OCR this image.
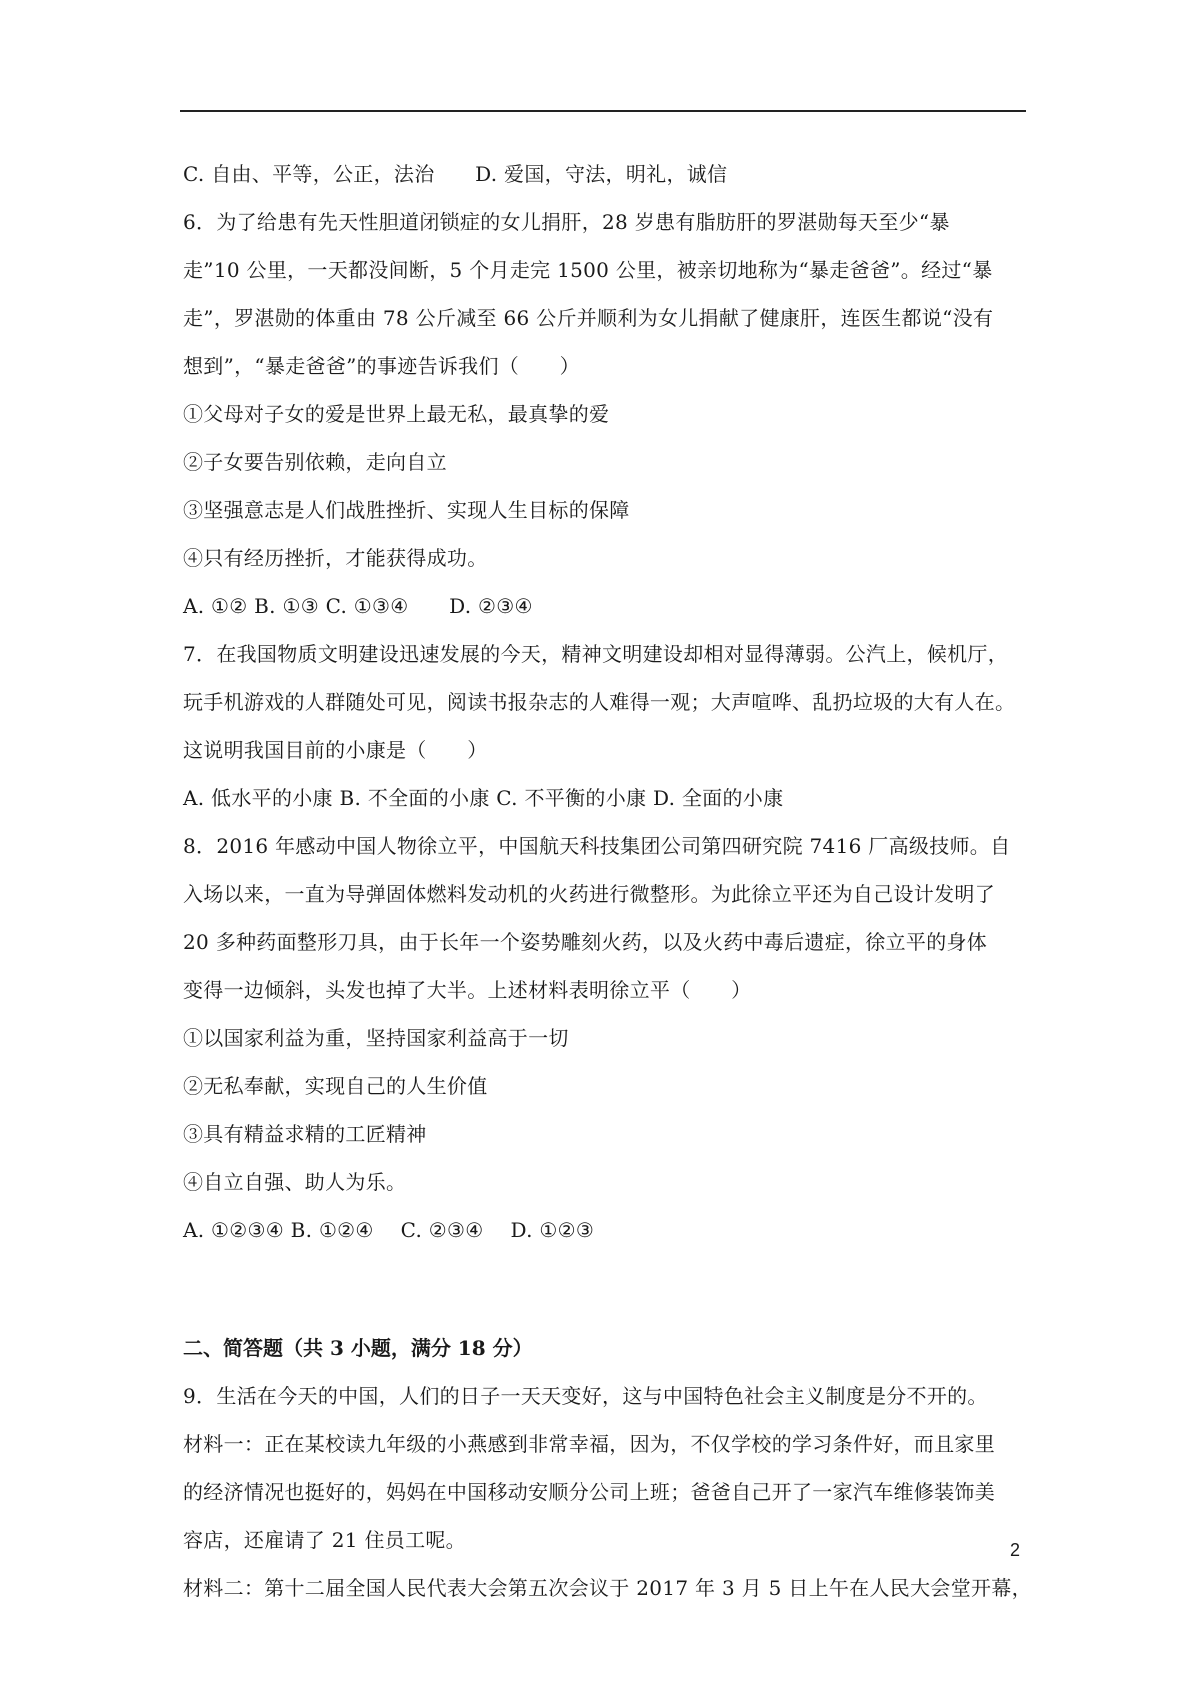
C. 自由、平等，公正，法治　　D. 爱国，守法，明礼，诚信
6．为了给患有先天性胆道闭锁症的女儿捐肝，28 岁患有脂肪肝的罗湛勋每天至少“暴
走”10 公里，一天都没间断，5 个月走完 1500 公里，被亲切地称为“暴走爸爸”。经过“暴
走”，罗湛勋的体重由 78 公斤减至 66 公斤并顺利为女儿捐献了健康肝，连医生都说“没有
想到”，“暴走爸爸”的事迹告诉我们（　　）
①父母对子女的爱是世界上最无私，最真挚的爱
②子女要告别依赖，走向自立
③坚强意志是人们战胜挫折、实现人生目标的保障
④只有经历挫折，才能获得成功。
A. ①② B. ①③ C. ①③④　　D. ②③④
7．在我国物质文明建设迅速发展的今天，精神文明建设却相对显得薄弱。公汽上，候机厅，
玩手机游戏的人群随处可见，阅读书报杂志的人难得一观；大声喧哗、乱扔垃圾的大有人在。
这说明我国目前的小康是（　　）
A. 低水平的小康 B. 不全面的小康 C. 不平衡的小康 D. 全面的小康
8．2016 年感动中国人物徐立平，中国航天科技集团公司第四研究院 7416 厂高级技师。自
入场以来，一直为导弹固体燃料发动机的火药进行微整形。为此徐立平还为自己设计发明了
20 多种药面整形刀具，由于长年一个姿势雕刻火药，以及火药中毒后遗症，徐立平的身体
变得一边倾斜，头发也掉了大半。上述材料表明徐立平（　　）
①以国家利益为重，坚持国家利益高于一切
②无私奉献，实现自己的人生价值
③具有精益求精的工匠精神
④自立自强、助人为乐。
A. ①②③④ B. ①②④　 C. ②③④　 D. ①②③
二、简答题（共 3 小题，满分 18 分）
9．生活在今天的中国，人们的日子一天天变好，这与中国特色社会主义制度是分不开的。
材料一：正在某校读九年级的小燕感到非常幸福，因为，不仅学校的学习条件好，而且家里
的经济情况也挺好的，妈妈在中国移动安顺分公司上班；爸爸自己开了一家汽车维修装饰美
容店，还雇请了 21 住员工呢。
材料二：第十二届全国人民代表大会第五次会议于 2017 年 3 月 5 日上午在人民大会堂开幕，
2
